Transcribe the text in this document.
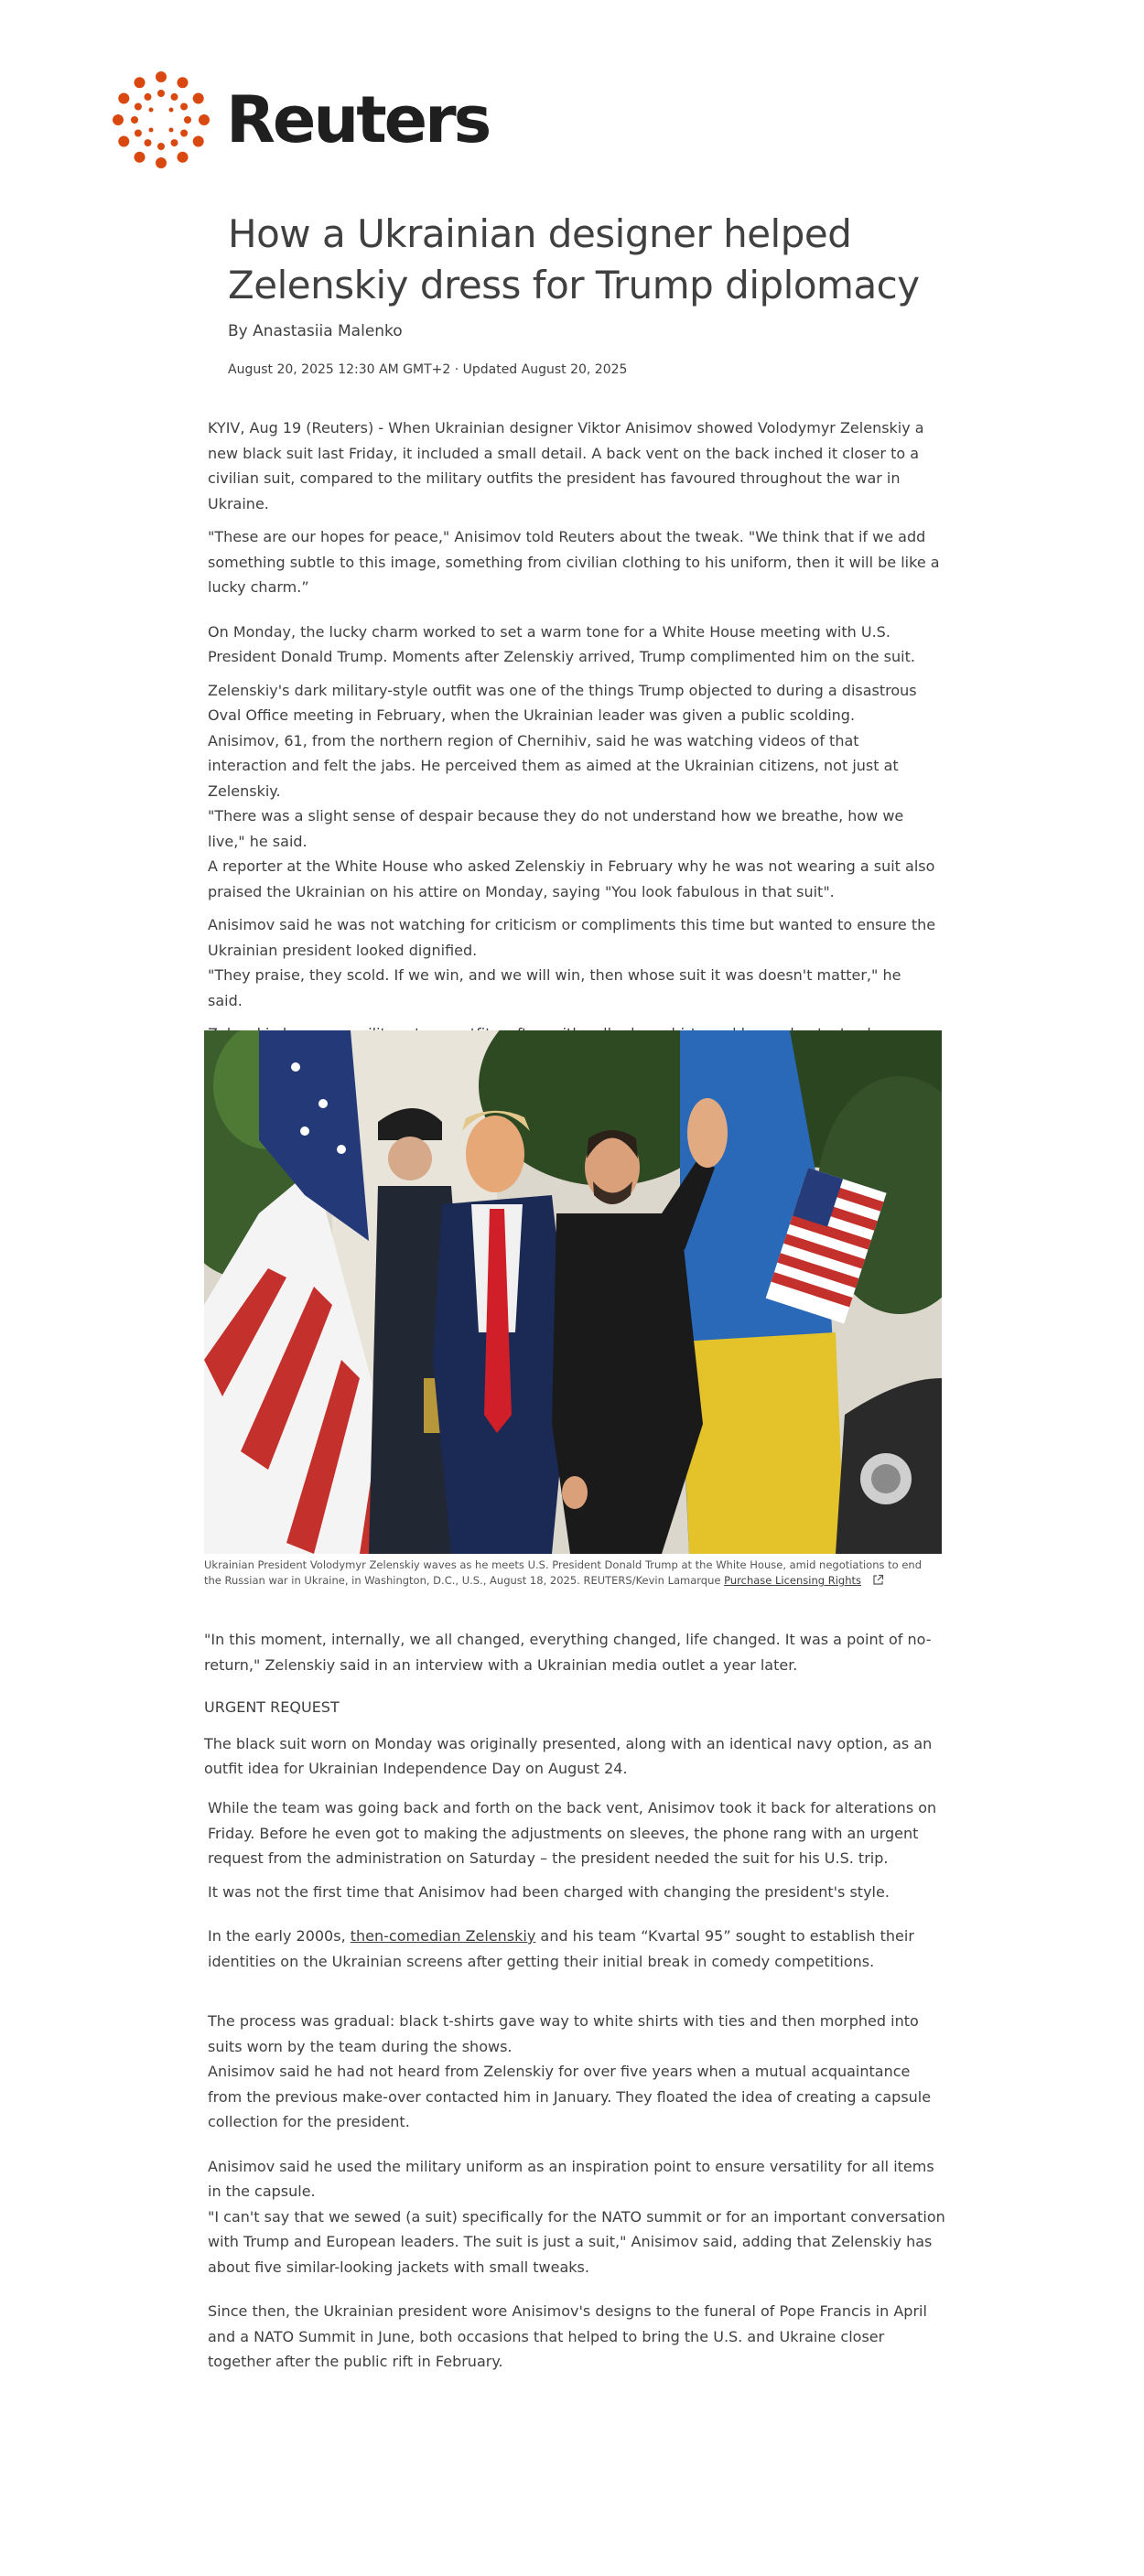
Reuters
How a Ukrainian designer helped
Zelenskiy dress for Trump diplomacy
By Anastasiia Malenko
August 20, 2025 12:30 AM GMT+2 · Updated August 20, 2025

KYIV, Aug 19 (Reuters) - When Ukrainian designer Viktor Anisimov showed Volodymyr Zelenskiy a new black suit last Friday, it included a small detail. A back vent on the back inched it closer to a civilian suit, compared to the military outfits the president has favoured throughout the war in Ukraine.

"These are our hopes for peace," Anisimov told Reuters about the tweak. "We think that if we add something subtle to this image, something from civilian clothing to his uniform, then it will be like a lucky charm.”

On Monday, the lucky charm worked to set a warm tone for a White House meeting with U.S. President Donald Trump. Moments after Zelenskiy arrived, Trump complimented him on the suit.

Zelenskiy's dark military-style outfit was one of the things Trump objected to during a disastrous Oval Office meeting in February, when the Ukrainian leader was given a public scolding.

Anisimov, 61, from the northern region of Chernihiv, said he was watching videos of that interaction and felt the jabs. He perceived them as aimed at the Ukrainian citizens, not just at Zelenskiy.

"There was a slight sense of despair because they do not understand how we breathe, how we live," he said.

A reporter at the White House who asked Zelenskiy in February why he was not wearing a suit also praised the Ukrainian on his attire on Monday, saying "You look fabulous in that suit".

Anisimov said he was not watching for criticism or compliments this time but wanted to ensure the Ukrainian president looked dignified.

"They praise, they scold. If we win, and we will win, then whose suit it was doesn't matter," he said.

Ukrainian President Volodymyr Zelenskiy waves as he meets U.S. President Donald Trump at the White House, amid negotiations to end the Russian war in Ukraine, in Washington, D.C., U.S., August 18, 2025. REUTERS/Kevin Lamarque Purchase Licensing Rights

"In this moment, internally, we all changed, everything changed, life changed. It was a point of no-return," Zelenskiy said in an interview with a Ukrainian media outlet a year later.

URGENT REQUEST

The black suit worn on Monday was originally presented, along with an identical navy option, as an outfit idea for Ukrainian Independence Day on August 24.

While the team was going back and forth on the back vent, Anisimov took it back for alterations on Friday. Before he even got to making the adjustments on sleeves, the phone rang with an urgent request from the administration on Saturday – the president needed the suit for his U.S. trip.

It was not the first time that Anisimov had been charged with changing the president's style.

In the early 2000s, then-comedian Zelenskiy and his team “Kvartal 95” sought to establish their identities on the Ukrainian screens after getting their initial break in comedy competitions.

The process was gradual: black t-shirts gave way to white shirts with ties and then morphed into suits worn by the team during the shows.

Anisimov said he had not heard from Zelenskiy for over five years when a mutual acquaintance from the previous make-over contacted him in January. They floated the idea of creating a capsule collection for the president.

Anisimov said he used the military uniform as an inspiration point to ensure versatility for all items in the capsule.

"I can't say that we sewed (a suit) specifically for the NATO summit or for an important conversation with Trump and European leaders. The suit is just a suit," Anisimov said, adding that Zelenskiy has about five similar-looking jackets with small tweaks.

Since then, the Ukrainian president wore Anisimov's designs to the funeral of Pope Francis in April and a NATO Summit in June, both occasions that helped to bring the U.S. and Ukraine closer together after the public rift in February.
